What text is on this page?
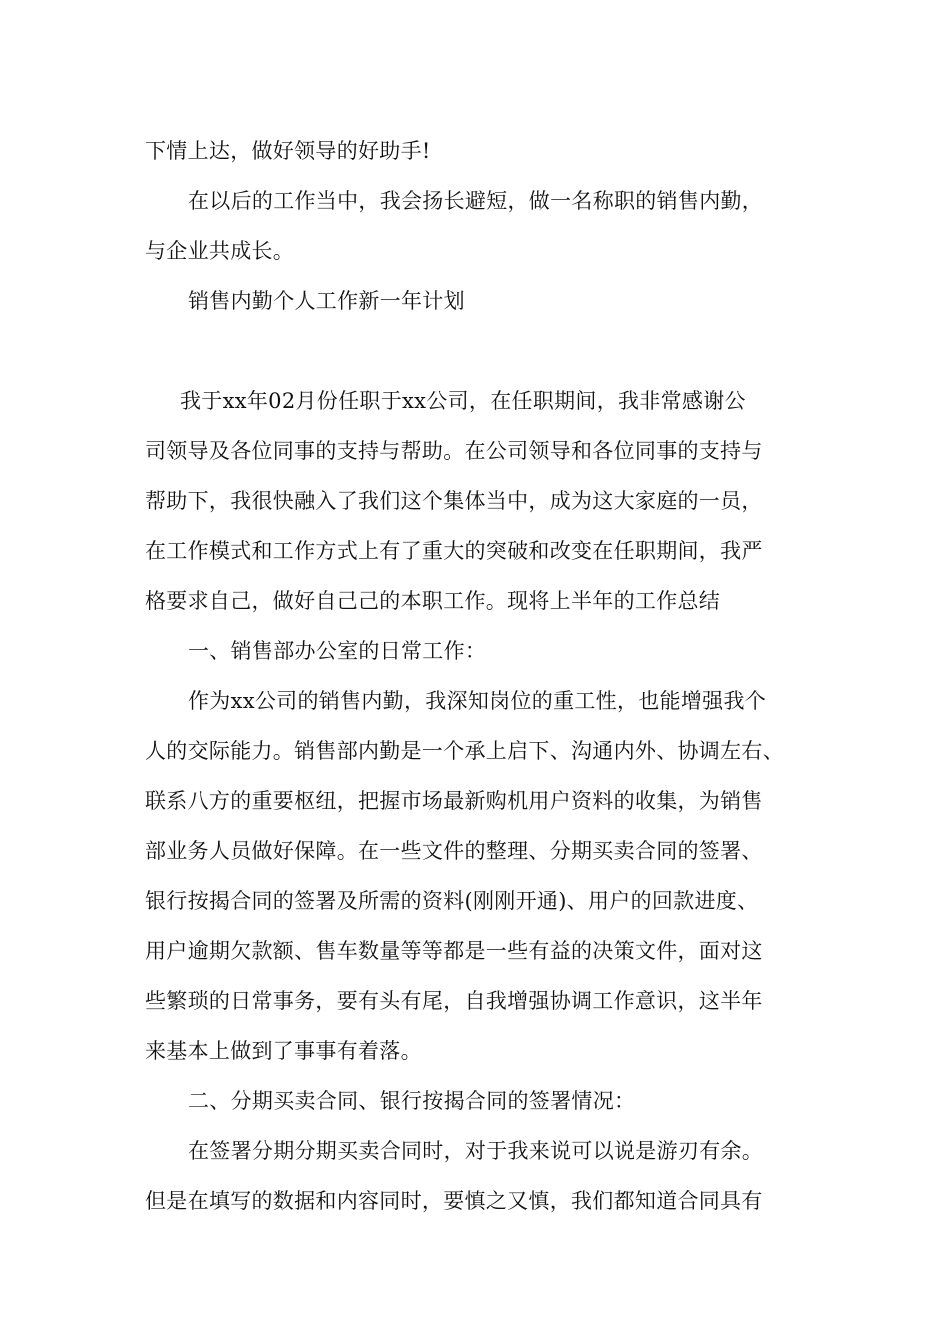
下情上达，做好领导的好助手!
在以后的工作当中，我会扬长避短，做一名称职的销售内勤，
与企业共成长。
销售内勤个人工作新一年计划
我于xx年02月份任职于xx公司，在任职期间，我非常感谢公
司领导及各位同事的支持与帮助。在公司领导和各位同事的支持与
帮助下，我很快融入了我们这个集体当中，成为这大家庭的一员，
在工作模式和工作方式上有了重大的突破和改变在任职期间，我严
格要求自己，做好自己己的本职工作。现将上半年的工作总结
一、销售部办公室的日常工作：
作为xx公司的销售内勤，我深知岗位的重工性，也能增强我个
人的交际能力。销售部内勤是一个承上启下、沟通内外、协调左右、
联系八方的重要枢纽，把握市场最新购机用户资料的收集，为销售
部业务人员做好保障。在一些文件的整理、分期买卖合同的签署、
银行按揭合同的签署及所需的资料(刚刚开通)、用户的回款进度、
用户逾期欠款额、售车数量等等都是一些有益的决策文件，面对这
些繁琐的日常事务，要有头有尾，自我增强协调工作意识，这半年
来基本上做到了事事有着落。
二、分期买卖合同、银行按揭合同的签署情况：
在签署分期分期买卖合同时，对于我来说可以说是游刃有余。
但是在填写的数据和内容同时，要慎之又慎，我们都知道合同具有
